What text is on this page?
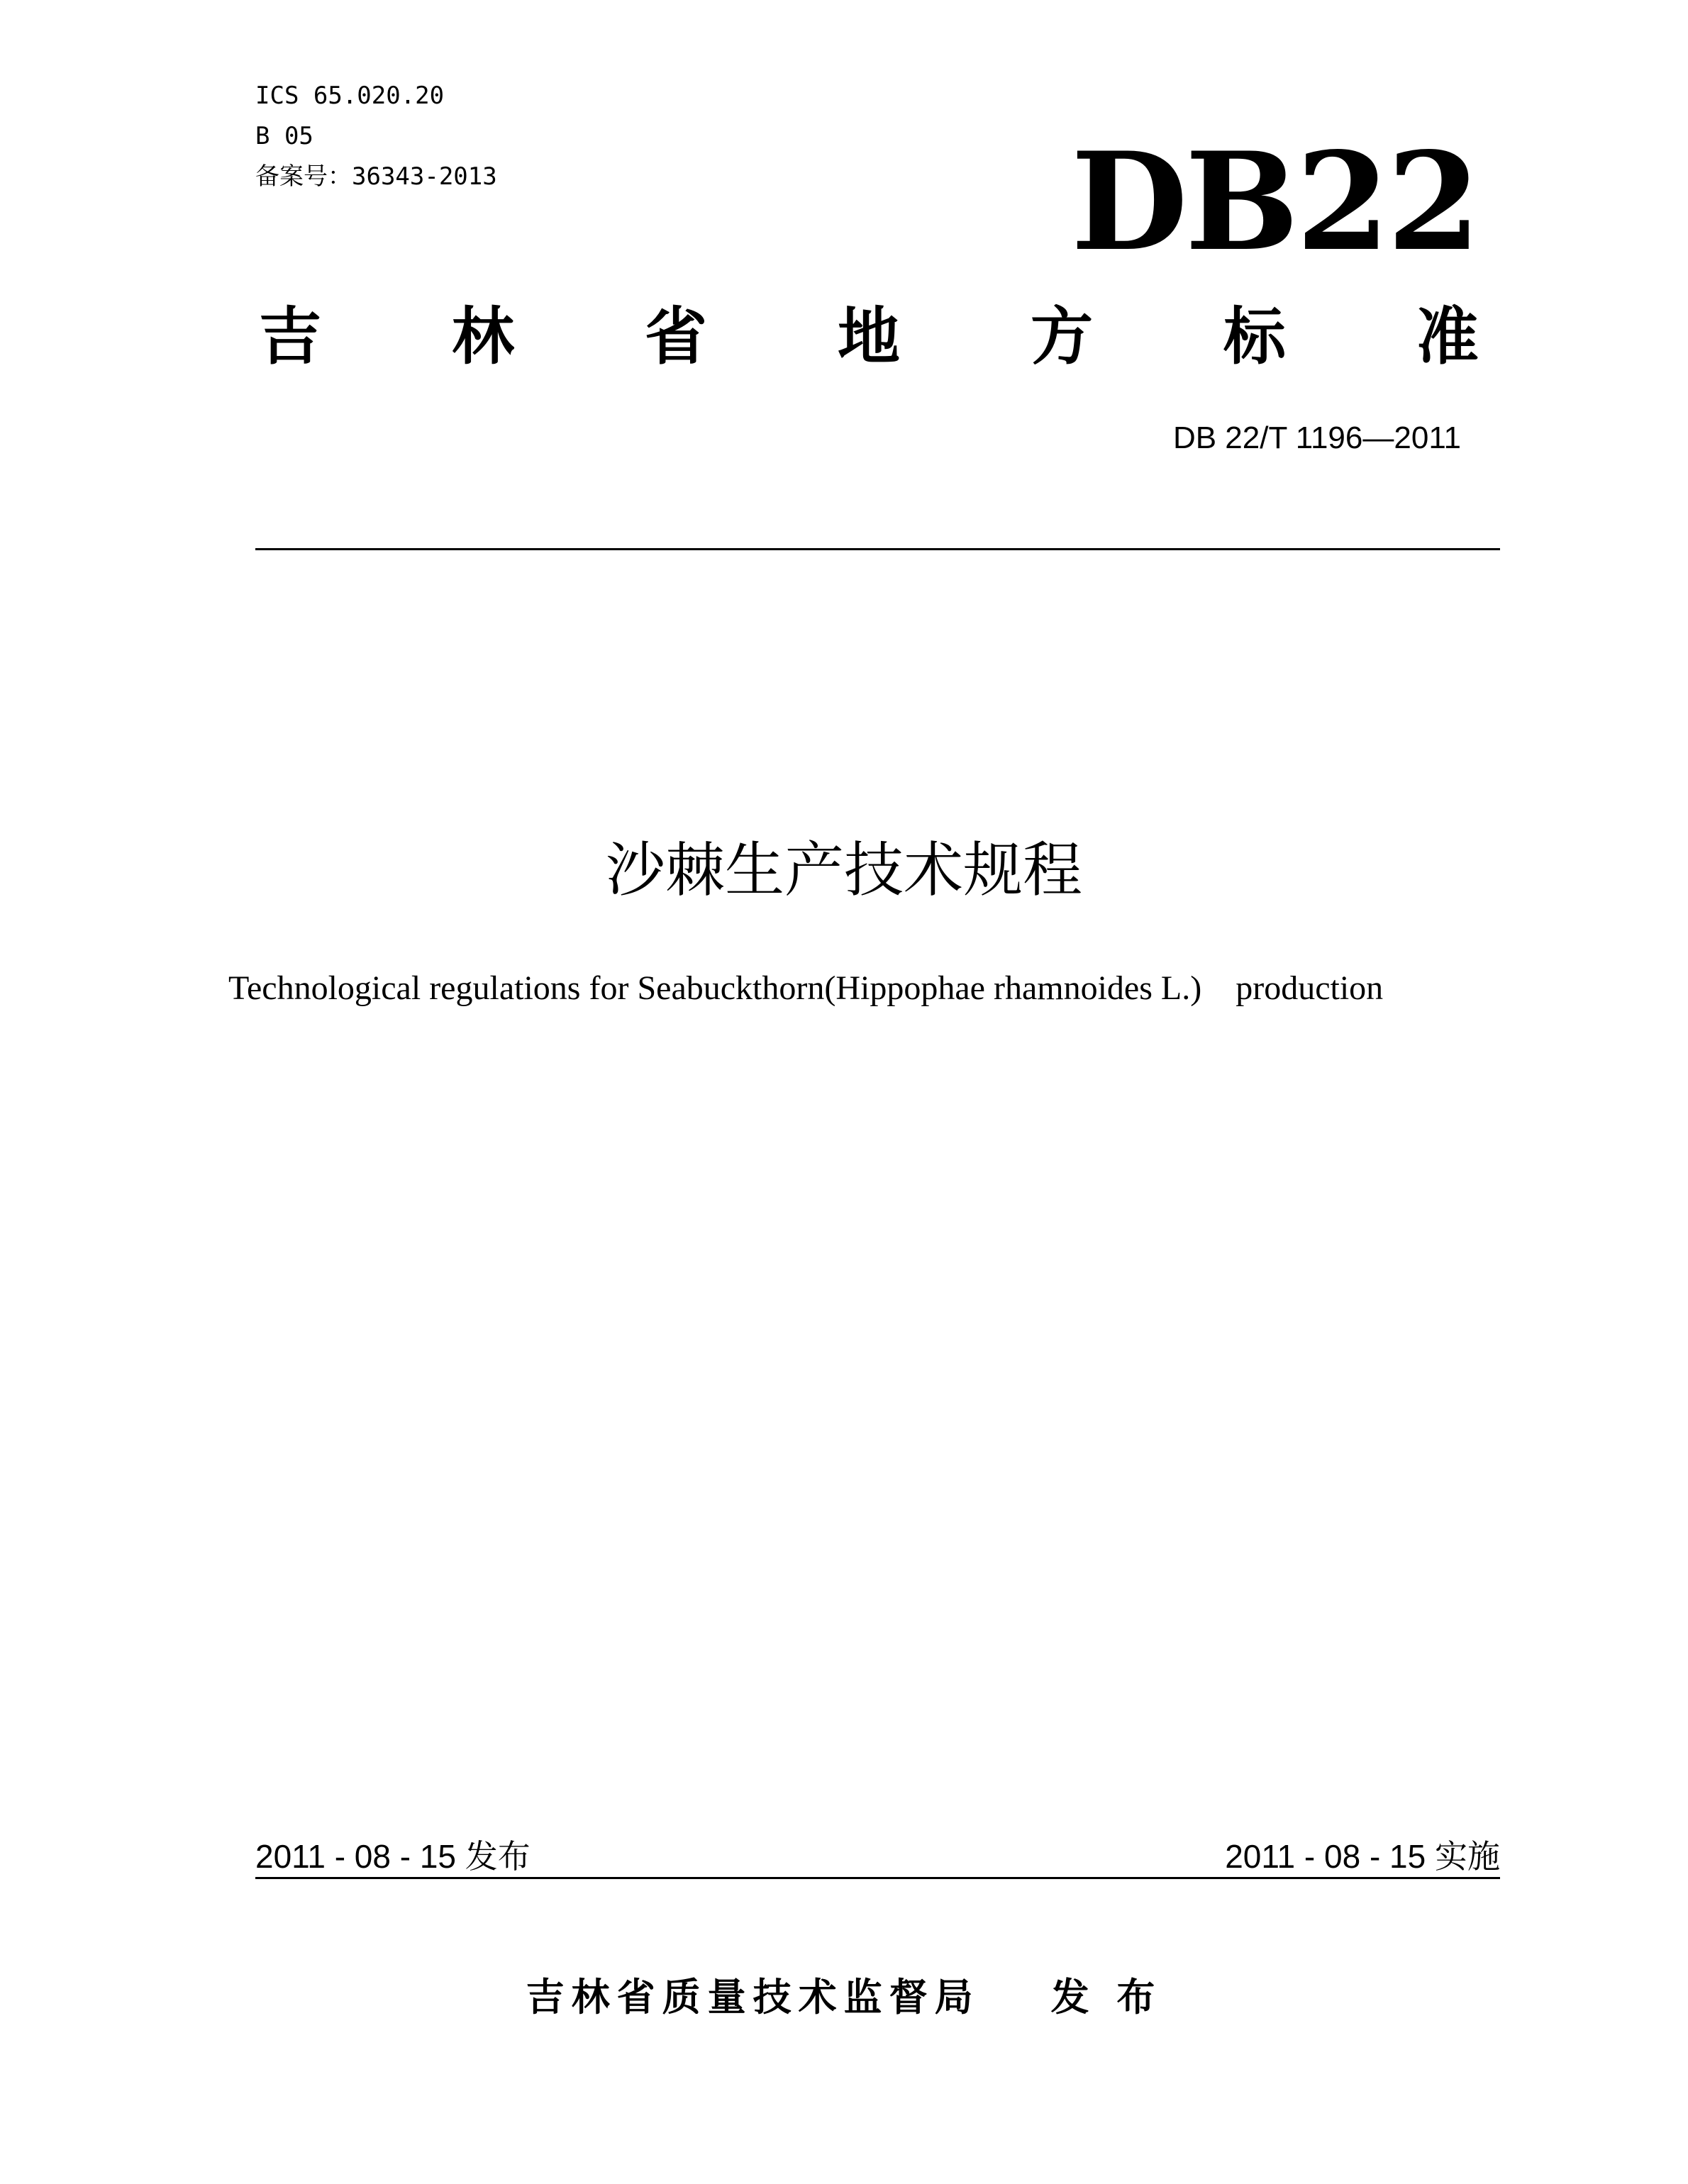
ICS 65.020.20
B 05
备案号：36343-2013	DB22
吉 林 省 地 方 标 准
DB 22/T 1196—2011
沙棘生产技术规程
Technological regulations for Seabuckthorn(Hippophae rhamnoides L.)    production
2011 - 08 - 15 发布	2011 - 08 - 15 实施
吉林省质量技术监督局 发 布
